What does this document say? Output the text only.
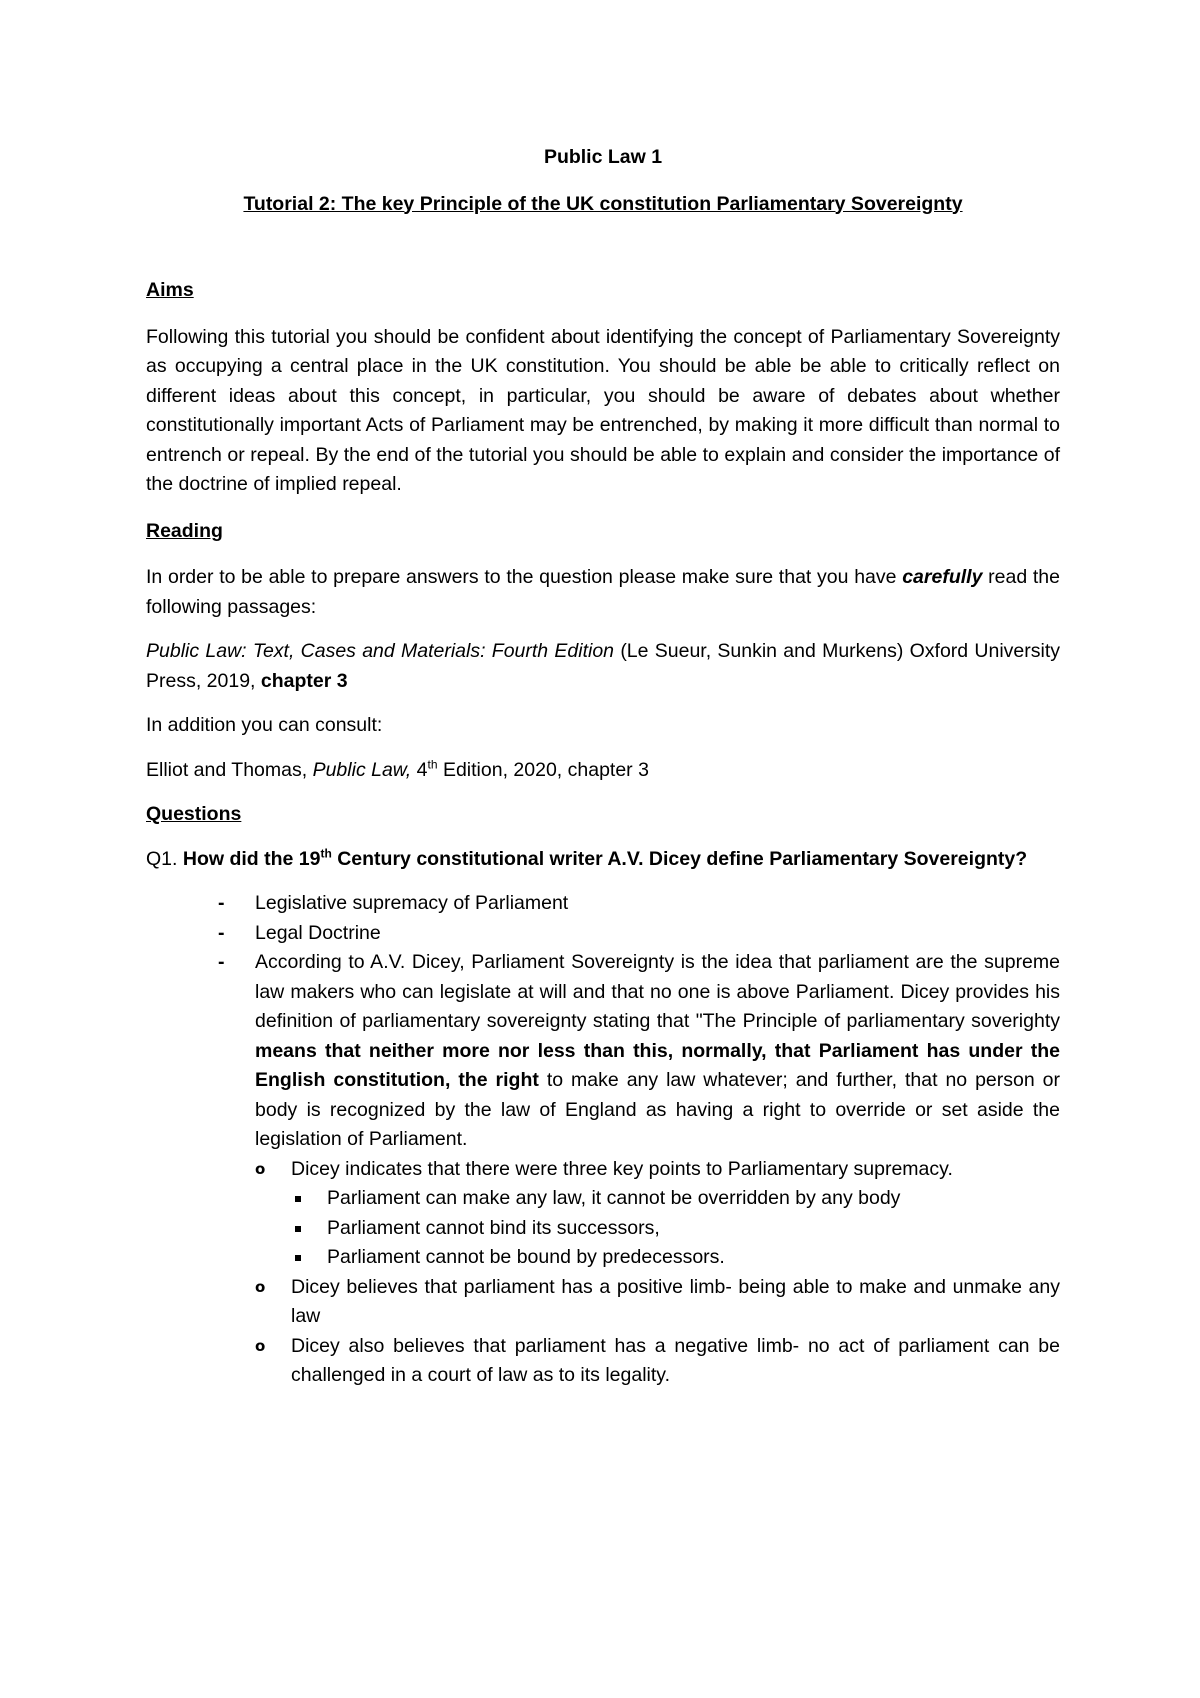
Public Law 1

Tutorial 2: The key Principle of the UK constitution Parliamentary Sovereignty

Aims

Following this tutorial you should be confident about identifying the concept of Parliamentary Sovereignty as occupying a central place in the UK constitution. You should be able be able to critically reflect on different ideas about this concept, in particular, you should be aware of debates about whether constitutionally important Acts of Parliament may be entrenched, by making it more difficult than normal to entrench or repeal. By the end of the tutorial you should be able to explain and consider the importance of the doctrine of implied repeal.

Reading

In order to be able to prepare answers to the question please make sure that you have carefully read the following passages:

Public Law: Text, Cases and Materials: Fourth Edition (Le Sueur, Sunkin and Murkens) Oxford University Press, 2019, chapter 3

In addition you can consult:

Elliot and Thomas, Public Law, 4th Edition, 2020, chapter 3

Questions

Q1. How did the 19th Century constitutional writer A.V. Dicey define Parliamentary Sovereignty?

- Legislative supremacy of Parliament
- Legal Doctrine
- According to A.V. Dicey, Parliament Sovereignty is the idea that parliament are the supreme law makers who can legislate at will and that no one is above Parliament. Dicey provides his definition of parliamentary sovereignty stating that "The Principle of parliamentary soverighty means that neither more nor less than this, normally, that Parliament has under the English constitution, the right to make any law whatever; and further, that no person or body is recognized by the law of England as having a right to override or set aside the legislation of Parliament.
o Dicey indicates that there were three key points to Parliamentary supremacy.
Parliament can make any law, it cannot be overridden by any body
Parliament cannot bind its successors,
Parliament cannot be bound by predecessors.
o Dicey believes that parliament has a positive limb- being able to make and unmake any law
o Dicey also believes that parliament has a negative limb- no act of parliament can be challenged in a court of law as to its legality.
